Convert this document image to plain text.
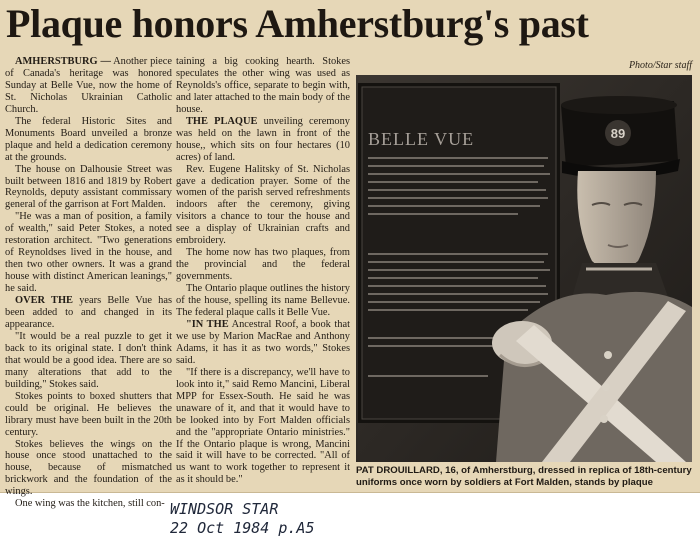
Plaque honors Amherstburg's past

AMHERSTBURG — Another piece of Canada's heritage was honored Sunday at Belle Vue, now the home of St. Nicholas Ukrainian Catholic Church.

The federal Historic Sites and Monuments Board unveiled a bronze plaque and held a dedication ceremony at the grounds.

The house on Dalhousie Street was built between 1816 and 1819 by Robert Reynolds, deputy assistant commissary general of the garrison at Fort Malden.

"He was a man of position, a family of wealth," said Peter Stokes, a noted restoration architect. "Two generations of Reynoldses lived in the house, and then two other owners. It was a grand house with distinct American leanings," he said.

OVER THE years Belle Vue has been added to and changed in its appearance.

"It would be a real puzzle to get it back to its original state. I don't think that would be a good idea. There are so many alterations that add to the building," Stokes said.

Stokes points to boxed shutters that could be original. He believes the library must have been built in the 20th century.

Stokes believes the wings on the house once stood unattached to the house, because of mismatched brickwork and the foundation of the wings.

One wing was the kitchen, still con-

taining a big cooking hearth. Stokes speculates the other wing was used as Reynolds's office, separate to begin with, and later attached to the main body of the house.

THE PLAQUE unveiling ceremony was held on the lawn in front of the house,, which sits on four hectares (10 acres) of land.

Rev. Eugene Halitsky of St. Nicholas gave a dedication prayer. Some of the women of the parish served refreshments indoors after the ceremony, giving visitors a chance to tour the house and see a display of Ukrainian crafts and embroidery.

The home now has two plaques, from the provincial and the federal governments.

The Ontario plaque outlines the history of the house, spelling its name Bellevue. The federal plaque calls it Belle Vue.

"IN THE Ancestral Roof, a book that we use by Marion MacRae and Anthony Adams, it has it as two words," Stokes said.

"If there is a discrepancy, we'll have to look into it," said Remo Mancini, Liberal MPP for Essex-South. He said he was unaware of it, and that it would have to be looked into by Fort Malden officials and the "appropriate Ontario ministries." If the Ontario plaque is wrong, Mancini said it will have to be corrected. "All of us want to work together to represent it as it should be."

Photo/Star staff
BELLE VUE	89
PAT DROUILLARD, 16, of Amherstburg, dressed in replica of 18th-century uniforms once worn by soldiers at Fort Malden, stands by plaque
WINDSOR STAR
22 Oct 1984 p.A5
